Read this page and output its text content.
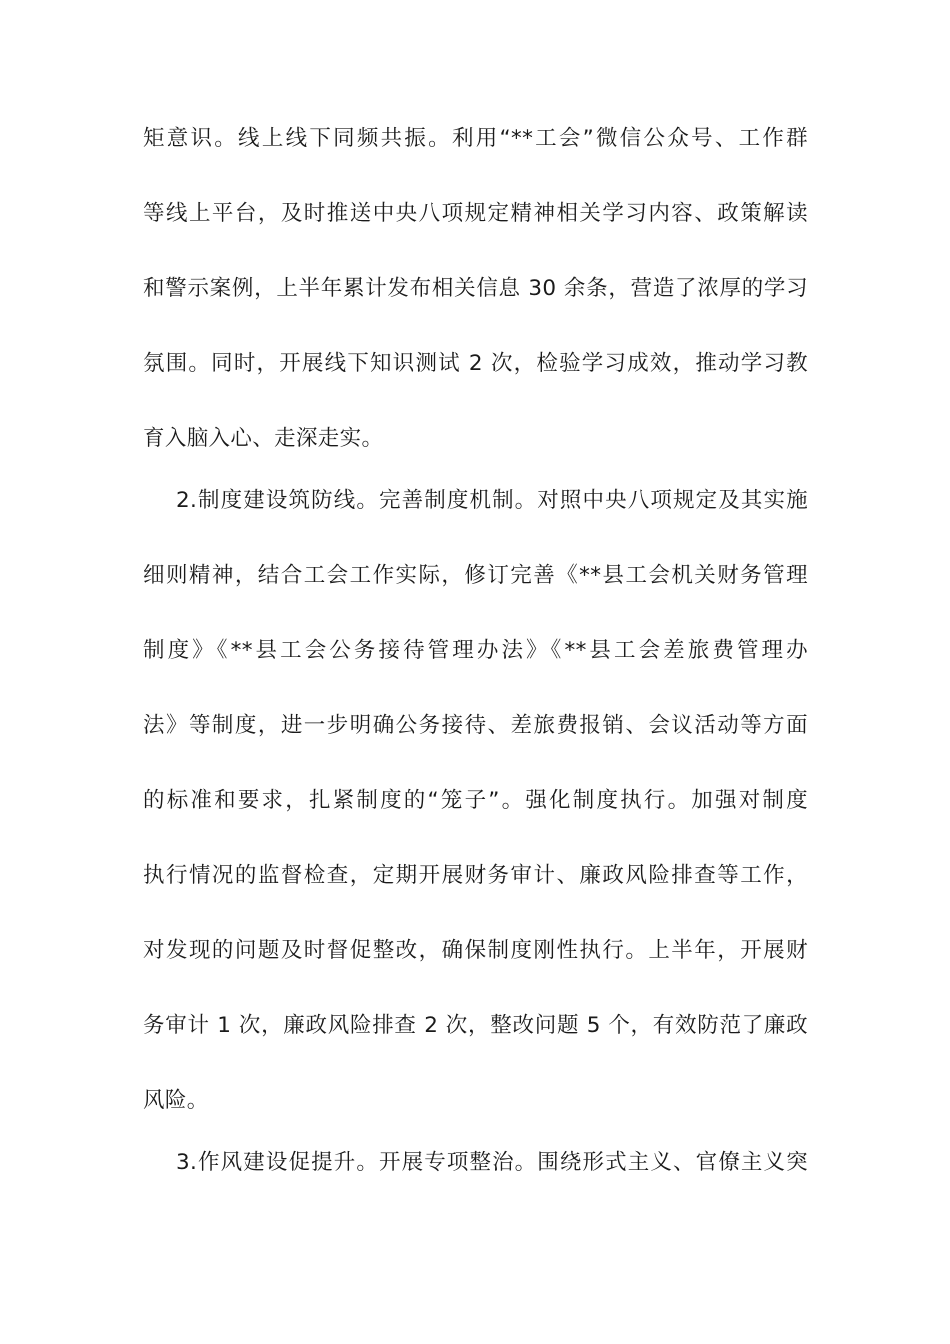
矩意识。线上线下同频共振。利用“**工会”微信公众号、工作群
等线上平台，及时推送中央八项规定精神相关学习内容、政策解读
和警示案例，上半年累计发布相关信息 30 余条，营造了浓厚的学习
氛围。同时，开展线下知识测试 2 次，检验学习成效，推动学习教
育入脑入心、走深走实。
2.制度建设筑防线。完善制度机制。对照中央八项规定及其实施
细则精神，结合工会工作实际，修订完善《**县工会机关财务管理
制度》《**县工会公务接待管理办法》《**县工会差旅费管理办
法》等制度，进一步明确公务接待、差旅费报销、会议活动等方面
的标准和要求，扎紧制度的“笼子”。强化制度执行。加强对制度
执行情况的监督检查，定期开展财务审计、廉政风险排查等工作，
对发现的问题及时督促整改，确保制度刚性执行。上半年，开展财
务审计 1 次，廉政风险排查 2 次，整改问题 5 个，有效防范了廉政
风险。
3.作风建设促提升。开展专项整治。围绕形式主义、官僚主义突
